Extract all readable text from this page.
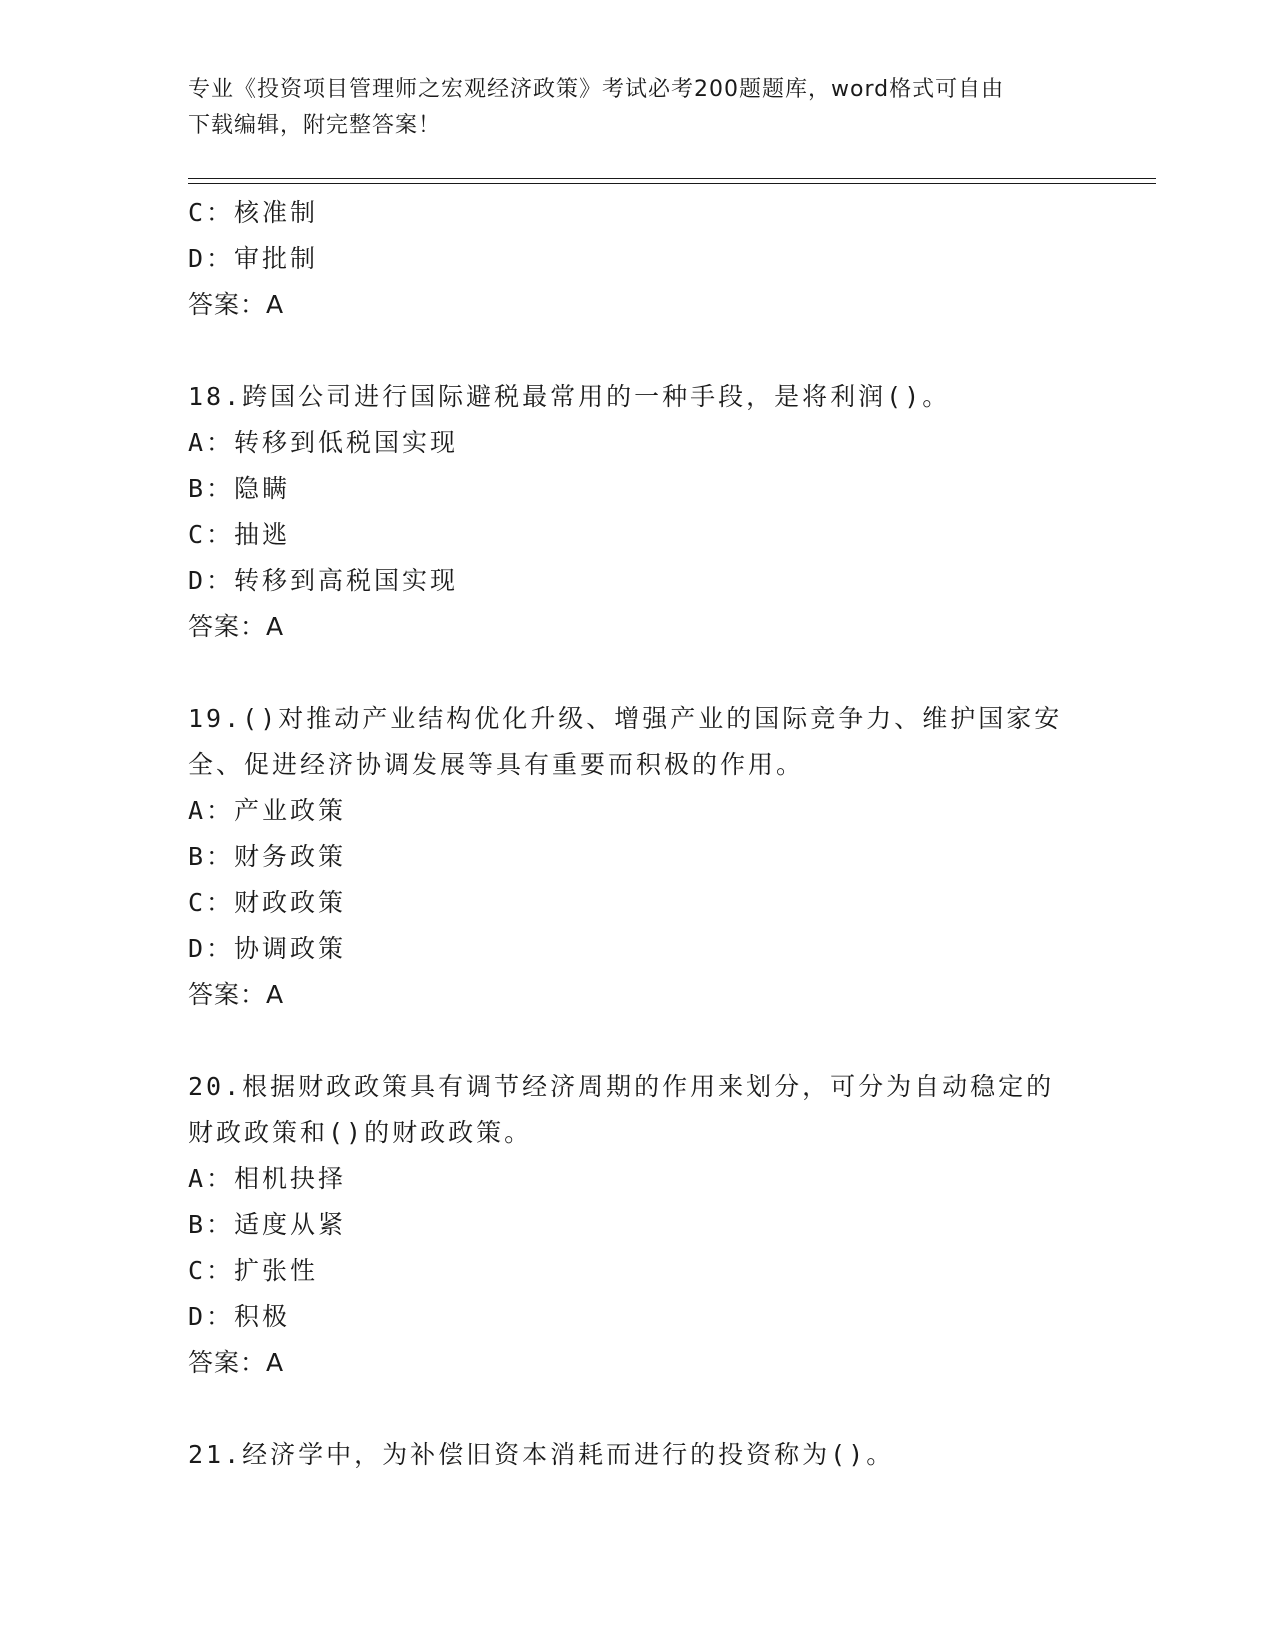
专业《投资项目管理师之宏观经济政策》考试必考200题题库，word格式可自由
下载编辑，附完整答案！
C：核准制
D：审批制
答案：A
18.跨国公司进行国际避税最常用的一种手段，是将利润()。
A：转移到低税国实现
B：隐瞒
C：抽逃
D：转移到高税国实现
答案：A
19.()对推动产业结构优化升级、增强产业的国际竞争力、维护国家安
全、促进经济协调发展等具有重要而积极的作用。
A：产业政策
B：财务政策
C：财政政策
D：协调政策
答案：A
20.根据财政政策具有调节经济周期的作用来划分，可分为自动稳定的
财政政策和()的财政政策。
A：相机抉择
B：适度从紧
C：扩张性
D：积极
答案：A
21.经济学中，为补偿旧资本消耗而进行的投资称为()。
